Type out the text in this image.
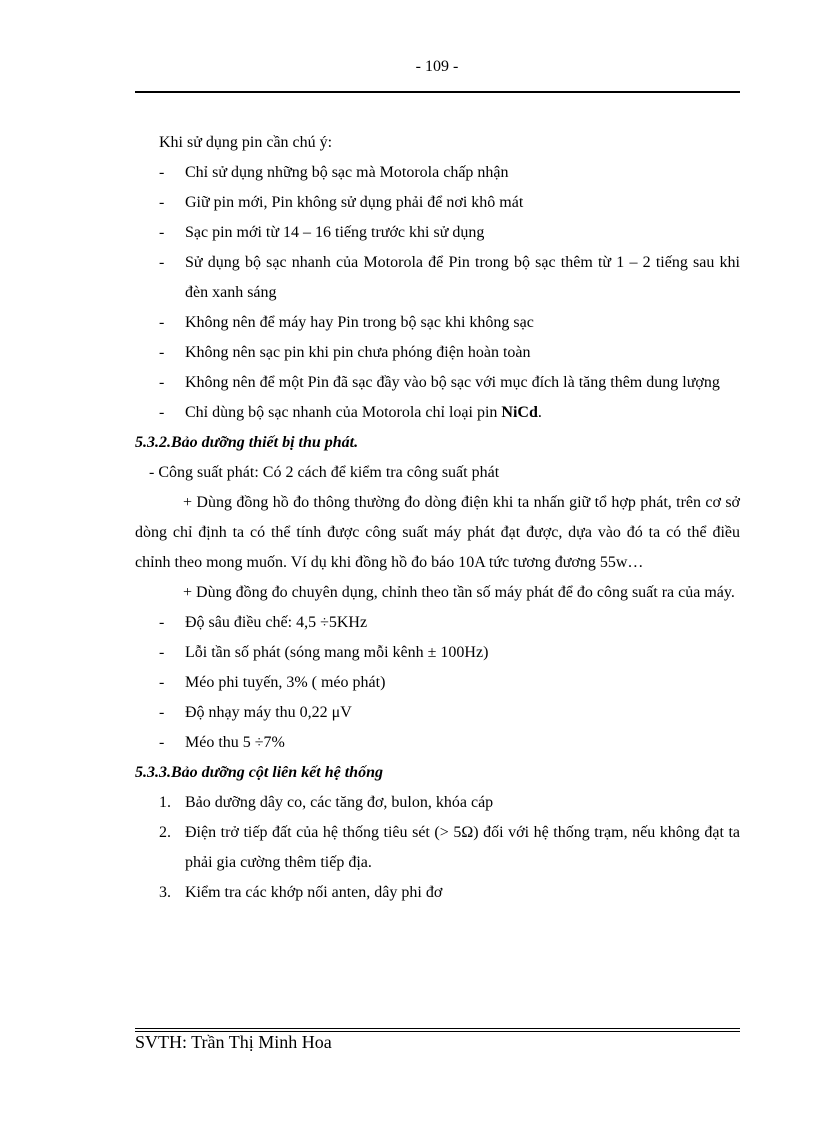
- 109 -

Khi sử dụng pin cần chú ý:

-	Chỉ sử dụng những bộ sạc mà Motorola chấp nhận
-	Giữ pin mới, Pin không sử dụng phải để nơi khô mát
-	Sạc pin mới từ 14 – 16 tiếng trước khi sử dụng
-	Sử dụng bộ sạc nhanh của Motorola để Pin trong bộ sạc thêm từ 1 – 2 tiếng sau khi đèn xanh sáng
-	Không nên để máy hay Pin trong bộ sạc khi không sạc
-	Không nên sạc pin khi pin chưa phóng điện hoàn toàn
-	Không nên để một Pin đã sạc đầy vào bộ sạc với mục đích là tăng thêm dung lượng
-	Chỉ dùng bộ sạc nhanh của Motorola chỉ loại pin NiCd.

5.3.2.Bảo dưỡng thiết bị thu phát.

- Công suất phát: Có 2 cách để kiểm tra công suất phát

+ Dùng đồng hồ đo thông thường đo dòng điện khi ta nhấn giữ tổ hợp phát, trên cơ sở dòng chỉ định ta có thể tính được công suất máy phát đạt được, dựa vào đó ta có thể điều chỉnh theo mong muốn. Ví dụ khi đồng hồ đo báo 10A tức tương đương 55w…

+ Dùng đồng đo chuyên dụng, chỉnh theo tần số máy phát để đo công suất ra của máy.

-	Độ sâu điều chế: 4,5 ÷5KHz
-	Lỗi tần số phát (sóng mang mỗi kênh ± 100Hz)
-	Méo phi tuyến, 3% ( méo phát)
-	Độ nhạy máy thu 0,22 μV
-	Méo thu 5 ÷7%

5.3.3.Bảo dưỡng cột liên kết hệ thống

1. Bảo dưỡng dây co, các tăng đơ, bulon, khóa cáp
2. Điện trở tiếp đất của hệ thống tiêu sét (> 5Ω) đối với hệ thống trạm, nếu không đạt ta phải gia cường thêm tiếp địa.
3. Kiểm tra các khớp nối anten, dây phi đơ
SVTH: Trần Thị Minh Hoa
